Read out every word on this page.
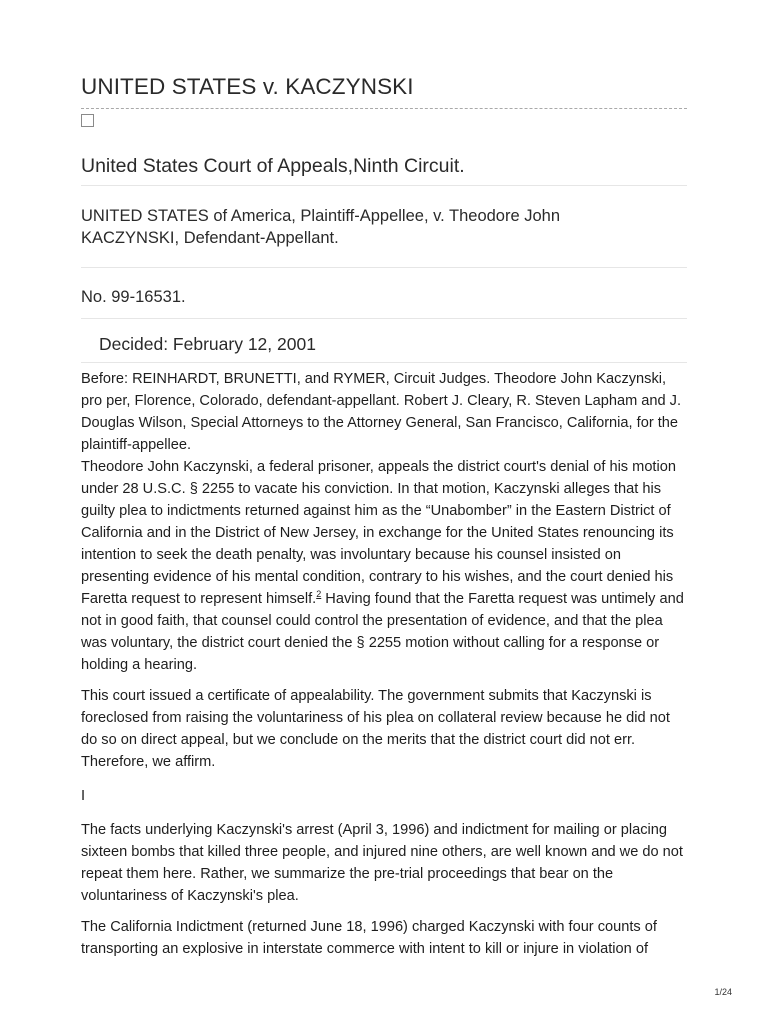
UNITED STATES v. KACZYNSKI
United States Court of Appeals,Ninth Circuit.
UNITED STATES of America, Plaintiff-Appellee, v. Theodore John KACZYNSKI, Defendant-Appellant.
No. 99-16531.
Decided: February 12, 2001

Before: REINHARDT, BRUNETTI, and RYMER, Circuit Judges. Theodore John Kaczynski, pro per, Florence, Colorado, defendant-appellant. Robert J. Cleary, R. Steven Lapham and J. Douglas Wilson, Special Attorneys to the Attorney General, San Francisco, California, for the plaintiff-appellee.

Theodore John Kaczynski, a federal prisoner, appeals the district court's denial of his motion under 28 U.S.C. § 2255 to vacate his conviction. In that motion, Kaczynski alleges that his guilty plea to indictments returned against him as the “Unabomber” in the Eastern District of California and in the District of New Jersey, in exchange for the United States renouncing its intention to seek the death penalty, was involuntary because his counsel insisted on presenting evidence of his mental condition, contrary to his wishes, and the court denied his Faretta request to represent himself.$^2$ Having found that the Faretta request was untimely and not in good faith, that counsel could control the presentation of evidence, and that the plea was voluntary, the district court denied the § 2255 motion without calling for a response or holding a hearing.

This court issued a certificate of appealability. The government submits that Kaczynski is foreclosed from raising the voluntariness of his plea on collateral review because he did not do so on direct appeal, but we conclude on the merits that the district court did not err. Therefore, we affirm.

I

The facts underlying Kaczynski's arrest (April 3, 1996) and indictment for mailing or placing sixteen bombs that killed three people, and injured nine others, are well known and we do not repeat them here. Rather, we summarize the pre-trial proceedings that bear on the voluntariness of Kaczynski's plea.

The California Indictment (returned June 18, 1996) charged Kaczynski with four counts of transporting an explosive in interstate commerce with intent to kill or injure in violation of

1/24
